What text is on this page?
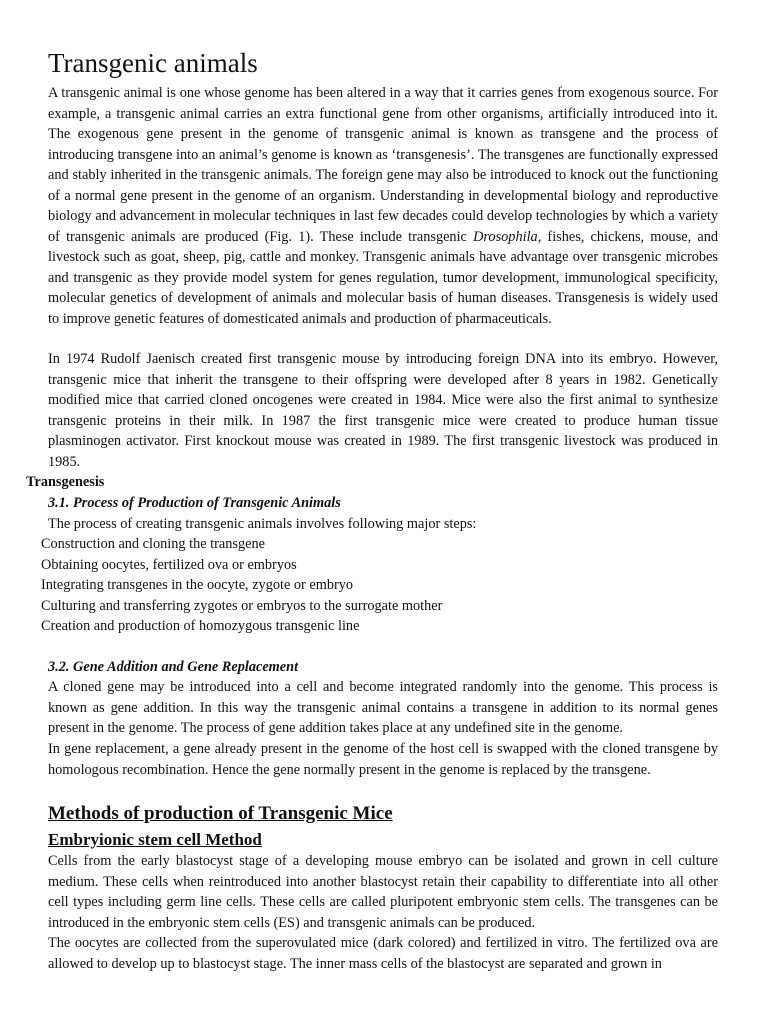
Transgenic animals

A transgenic animal is one whose genome has been altered in a way that it carries genes from exogenous source. For example, a transgenic animal carries an extra functional gene from other organisms, artificially introduced into it. The exogenous gene present in the genome of transgenic animal is known as transgene and the process of introducing transgene into an animal’s genome is known as ‘transgenesis’. The transgenes are functionally expressed and stably inherited in the transgenic animals. The foreign gene may also be introduced to knock out the functioning of a normal gene present in the genome of an organism. Understanding in developmental biology and reproductive biology and advancement in molecular techniques in last few decades could develop technologies by which a variety of transgenic animals are produced (Fig. 1). These include transgenic Drosophila, fishes, chickens, mouse, and livestock such as goat, sheep, pig, cattle and monkey. Transgenic animals have advantage over transgenic microbes and transgenic as they provide model system for genes regulation, tumor development, immunological specificity, molecular genetics of development of animals and molecular basis of human diseases. Transgenesis is widely used to improve genetic features of domesticated animals and production of pharmaceuticals.

In 1974 Rudolf Jaenisch created first transgenic mouse by introducing foreign DNA into its embryo. However, transgenic mice that inherit the transgene to their offspring were developed after 8 years in 1982. Genetically modified mice that carried cloned oncogenes were created in 1984. Mice were also the first animal to synthesize transgenic proteins in their milk. In 1987 the first transgenic mice were created to produce human tissue plasminogen activator. First knockout mouse was created in 1989. The first transgenic livestock was produced in 1985.

Transgenesis

3.1. Process of Production of Transgenic Animals

The process of creating transgenic animals involves following major steps:

Construction and cloning the transgene
Obtaining oocytes, fertilized ova or embryos
Integrating transgenes in the oocyte, zygote or embryo
Culturing and transferring zygotes or embryos to the surrogate mother
Creation and production of homozygous transgenic line

3.2. Gene Addition and Gene Replacement

A cloned gene may be introduced into a cell and become integrated randomly into the genome. This process is known as gene addition. In this way the transgenic animal contains a transgene in addition to its normal genes present in the genome. The process of gene addition takes place at any undefined site in the genome.

In gene replacement, a gene already present in the genome of the host cell is swapped with the cloned transgene by homologous recombination. Hence the gene normally present in the genome is replaced by the transgene.

Methods of production of Transgenic Mice
Embryionic stem cell Method

Cells from the early blastocyst stage of a developing mouse embryo can be isolated and grown in cell culture medium. These cells when reintroduced into another blastocyst retain their capability to differentiate into all other cell types including germ line cells. These cells are called pluripotent embryonic stem cells. The transgenes can be introduced in the embryonic stem cells (ES) and transgenic animals can be produced.

The oocytes are collected from the superovulated mice (dark colored) and fertilized in vitro. The fertilized ova are allowed to develop up to blastocyst stage. The inner mass cells of the blastocyst are separated and grown in
